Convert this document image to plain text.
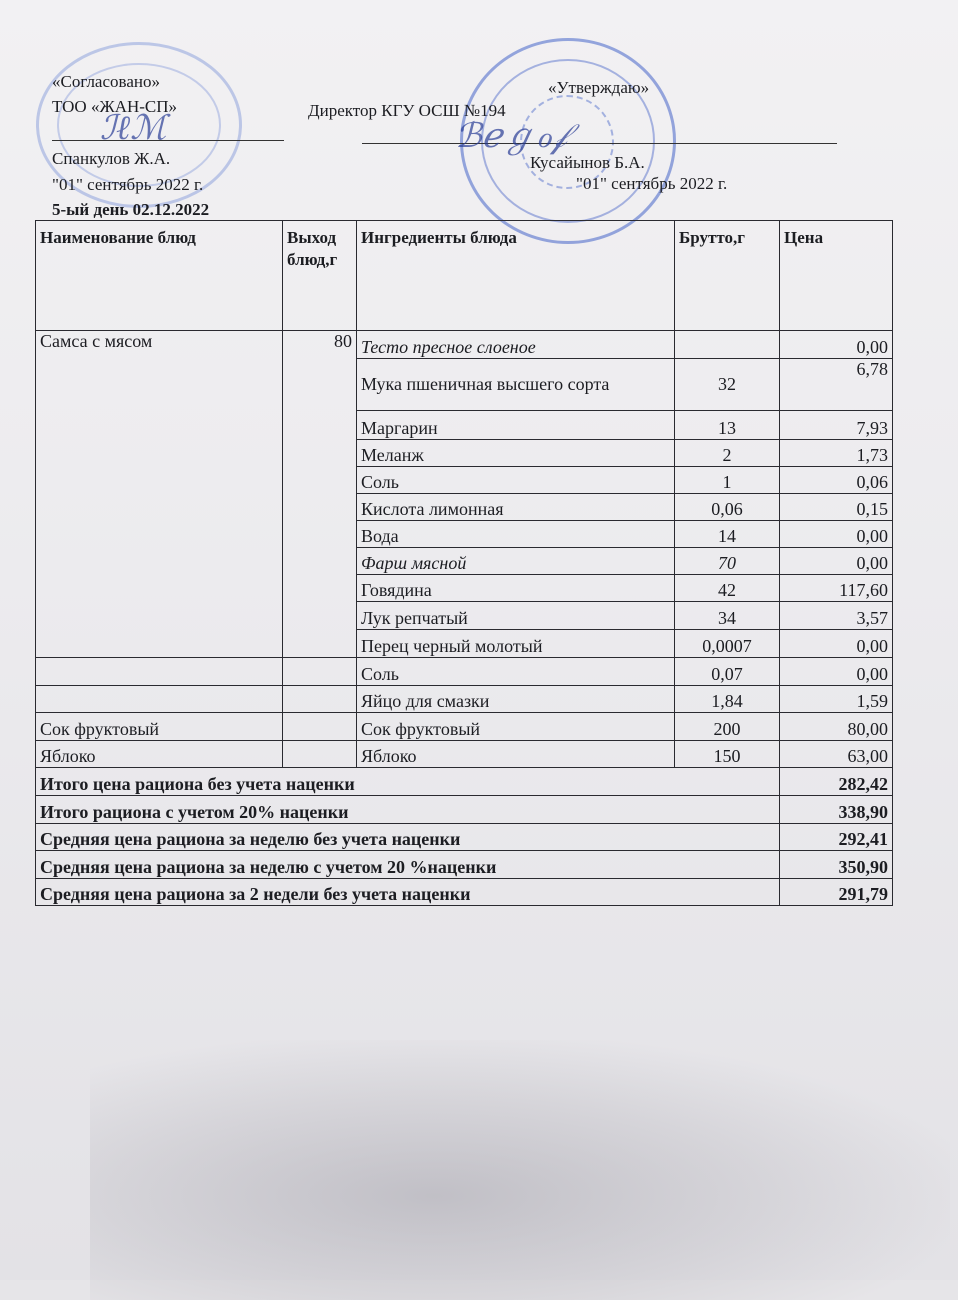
«Согласовано»
ТОО «ЖАН-СП»
ℐℓℳ
Спанкулов Ж.А.
"01" сентябрь 2022 г.
5-ый день 02.12.2022
Директор КГУ ОСШ №194
«Утверждаю»
ℬℯℊℴ𝒻
Кусайынов Б.А.
"01" сентябрь 2022 г.
Наименование блюд	Выход блюд,г	Ингредиенты блюда	Брутто,г	Цена
Самса с мясом	80	Тесто пресное слоеное		0,00
		Мука пшеничная высшего сорта	32	6,78
		Маргарин	13	7,93
		Меланж	2	1,73
		Соль	1	0,06
		Кислота лимонная	0,06	0,15
		Вода	14	0,00
		Фарш мясной	70	0,00
		Говядина	42	117,60
		Лук репчатый	34	3,57
		Перец черный молотый	0,0007	0,00
		Соль	0,07	0,00
		Яйцо для смазки	1,84	1,59
Сок фруктовый		Сок фруктовый	200	80,00
Яблоко		Яблоко	150	63,00
Итого цена рациона без учета наценки				282,42
Итого рациона с учетом 20% наценки				338,90
Средняя цена рациона за неделю без учета наценки				292,41
Средняя цена рациона за неделю с учетом 20 %наценки				350,90
Средняя цена рациона за 2 недели без учета наценки				291,79
